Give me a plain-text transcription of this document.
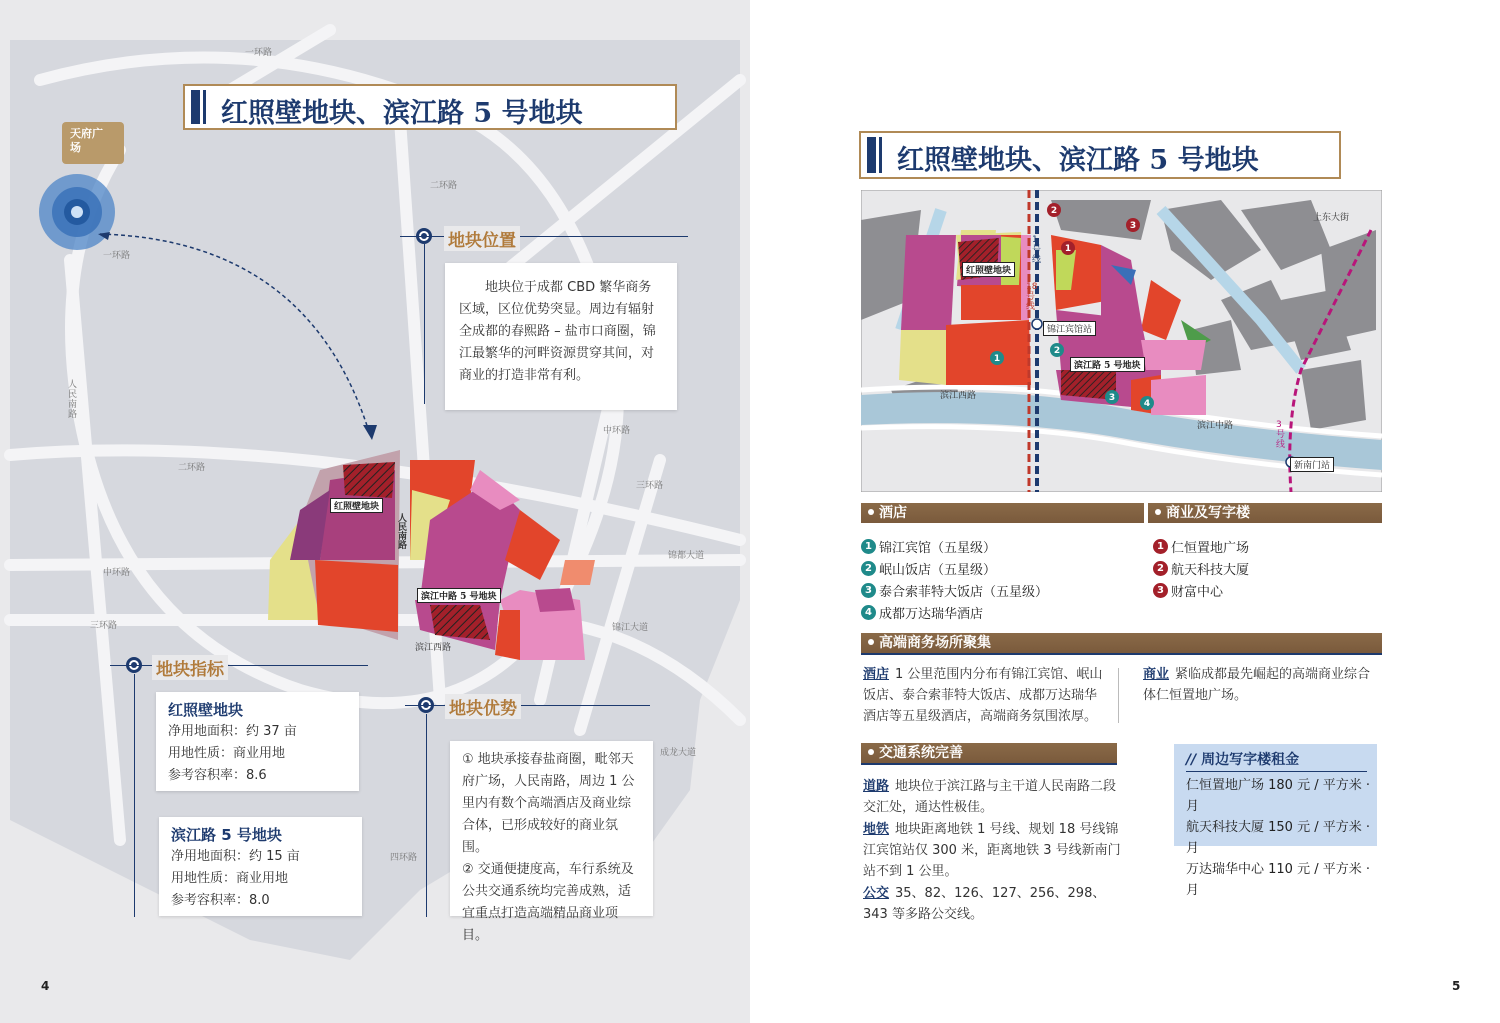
天府广场
一环路
一环路
二环路
人民南路
二环路
中环路
三环路
四环路
中环路
三环路
锦都大道
锦江大道
成龙大道
红照壁地块、滨江路 5 号地块
地块位置
地块位于成都 CBD 繁华商务区域，区位优势突显。周边有辐射全成都的春熙路 – 盐市口商圈，锦江最繁华的河畔资源贯穿其间，对商业的打造非常有利。
红照壁地块
滨江中路 5 号地块
人民南路
滨江西路
地块指标
红照壁地块
净用地面积：约 37 亩
用地性质：商业用地
参考容积率：8.6
滨江路 5 号地块
净用地面积：约 15 亩
用地性质：商业用地
参考容积率：8.0
地块优势
① 地块承接春盐商圈，毗邻天府广场，人民南路，周边 1 公里内有数个高端酒店及商业综合体，已形成较好的商业氛围。
② 交通便捷度高，车行系统及公共交通系统均完善成熟，适宜重点打造高端精品商业项目。
4
红照壁地块、滨江路 5 号地块
2
3
1
1
2
3
4
红照壁地块
滨江路 5 号地块
锦江宾馆站
新南门站
滨江西路
滨江中路
上东大街
1号线
18号线
3号线
酒店	商业及写字楼
1 锦江宾馆（五星级）
2 岷山饭店（五星级）
3 泰合索菲特大饭店（五星级）
4 成都万达瑞华酒店
1 仁恒置地广场
2 航天科技大厦
3 财富中心
高端商务场所聚集
酒店 1 公里范围内分布有锦江宾馆、岷山饭店、泰合索菲特大饭店、成都万达瑞华酒店等五星级酒店，高端商务氛围浓厚。
商业 紧临成都最先崛起的高端商业综合体仁恒置地广场。
交通系统完善
道路 地块位于滨江路与主干道人民南路二段交汇处，通达性极佳。
地铁 地块距离地铁 1 号线、规划 18 号线锦江宾馆站仅 300 米，距离地铁 3 号线新南门站不到 1 公里。
公交 35、82、126、127、256、298、343 等多路公交线。
// 周边写字楼租金
仁恒置地广场 180 元 / 平方米 · 月
航天科技大厦 150 元 / 平方米 · 月
万达瑞华中心 110 元 / 平方米 · 月
5
